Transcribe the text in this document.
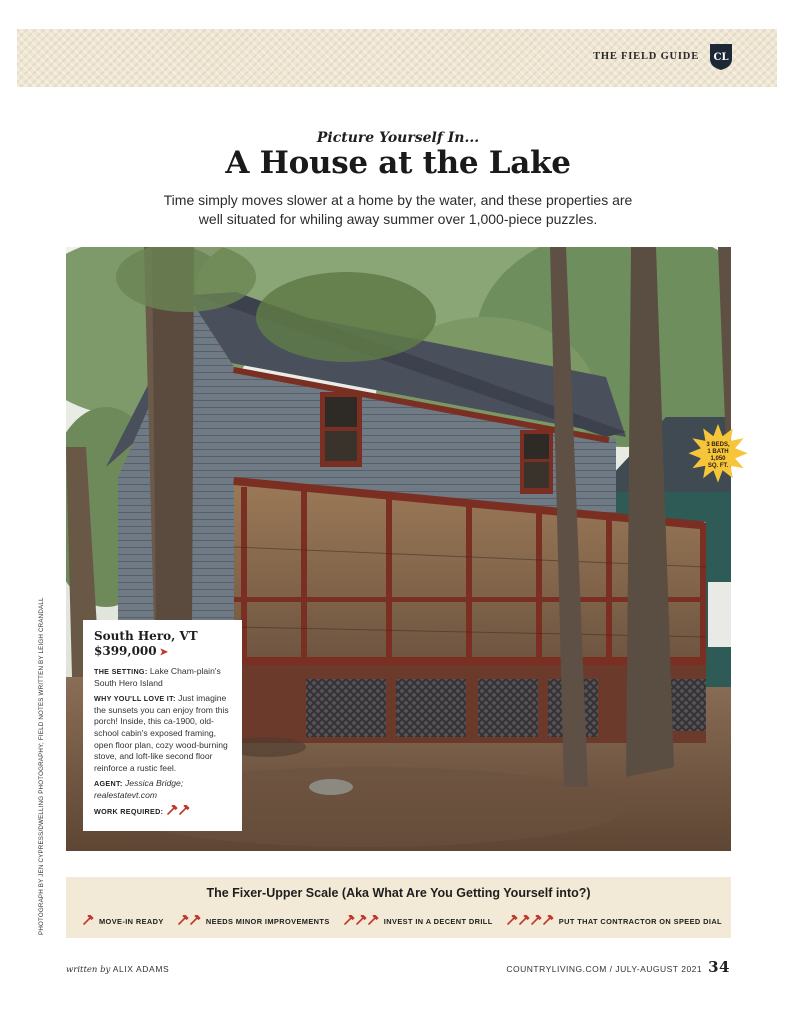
THE FIELD GUIDE CL
Picture Yourself In...
A House at the Lake
Time simply moves slower at a home by the water, and these properties are well situated for whiling away summer over 1,000-piece puzzles.
3 BEDS,
1 BATH
1,050
SQ. FT.
PHOTOGRAPH BY JEN CYPRESS/DWELLING PHOTOGRAPHY; FIELD NOTES WRITTEN BY LEIGH CRANDALL	South Hero, VT
$399,000 ➤

THE SETTING: Lake Cham-plain's South Hero Island

WHY YOU'LL LOVE IT: Just imagine the sunsets you can enjoy from this porch! Inside, this ca-1900, old-school cabin's exposed framing, open floor plan, cozy wood-burning stove, and loft-like second floor reinforce a rustic feel.

AGENT: Jessica Bridge;
realestatevt.com

WORK REQUIRED:

The Fixer-Upper Scale (Aka What Are You Getting Yourself into?)
MOVE-IN READY	NEEDS MINOR IMPROVEMENTS	INVEST IN A DECENT DRILL	PUT THAT CONTRACTOR ON SPEED DIAL
written by ALIX ADAMS	COUNTRYLIVING.COM / JULY-AUGUST 2021 34
